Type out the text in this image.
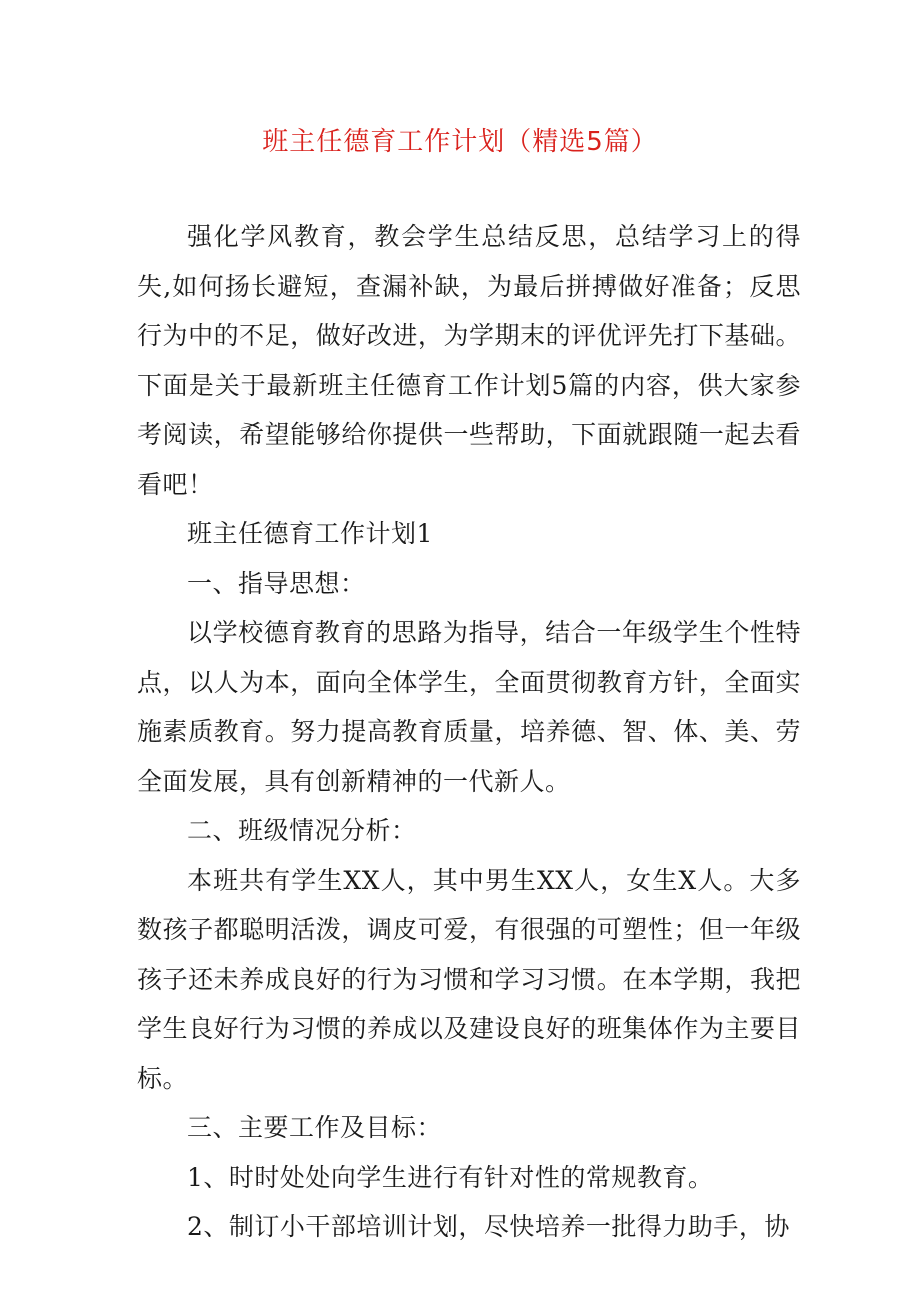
班主任德育工作计划（精选5篇）

强化学风教育，教会学生总结反思，总结学习上的得失,如何扬长避短，查漏补缺，为最后拼搏做好准备；反思行为中的不足，做好改进，为学期末的评优评先打下基础。下面是关于最新班主任德育工作计划5篇的内容，供大家参考阅读，希望能够给你提供一些帮助，下面就跟随一起去看看吧！

班主任德育工作计划1

一、指导思想：

以学校德育教育的思路为指导，结合一年级学生个性特点，以人为本，面向全体学生，全面贯彻教育方针，全面实施素质教育。努力提高教育质量，培养德、智、体、美、劳全面发展，具有创新精神的一代新人。

二、班级情况分析：

本班共有学生XX人，其中男生XX人，女生X人。大多数孩子都聪明活泼，调皮可爱，有很强的可塑性；但一年级孩子还未养成良好的行为习惯和学习习惯。在本学期，我把学生良好行为习惯的养成以及建设良好的班集体作为主要目标。

三、主要工作及目标：

1、时时处处向学生进行有针对性的常规教育。

2、制订小干部培训计划，尽快培养一批得力助手，协
